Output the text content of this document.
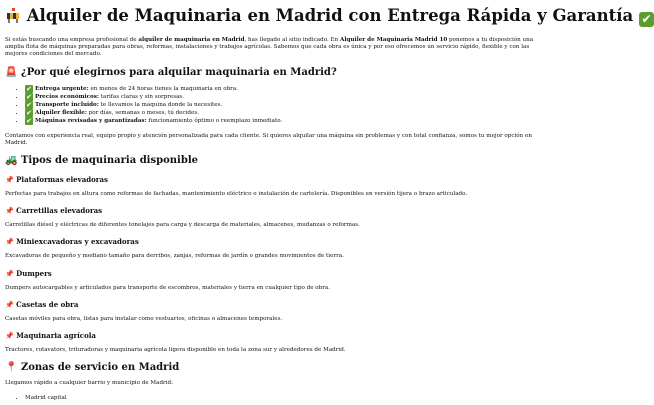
Alquiler de Maquinaria en Madrid con Entrega Rápida y Garantía ✔

Si estás buscando una empresa profesional de alquiler de maquinaria en Madrid, has llegado al sitio indicado. En Alquiler de Maquinaria Madrid 10 ponemos a tu disposición una amplia flota de máquinas preparadas para obras, reformas, instalaciones y trabajos agrícolas. Sabemos que cada obra es única y por eso ofrecemos un servicio rápido, flexible y con las mejores condiciones del mercado.

🚨 ¿Por qué elegirnos para alquilar maquinaria en Madrid?
• ✔ Entrega urgente: en menos de 24 horas tienes la maquinaria en obra.
• ✔ Precios económicos: tarifas claras y sin sorpresas.
• ✔ Transporte incluido: te llevamos la máquina donde la necesites.
• ✔ Alquiler flexible: por días, semanas o meses, tú decides.
• ✔ Máquinas revisadas y garantizadas: funcionamiento óptimo o reemplazo inmediato.

Contamos con experiencia real, equipo propio y atención personalizada para cada cliente. Si quieres alquilar una máquina sin problemas y con total confianza, somos tu mejor opción en Madrid.

🚜 Tipos de maquinaria disponible
📌 Plataformas elevadoras

Perfectas para trabajos en altura como reformas de fachadas, mantenimiento eléctrico o instalación de cartelería. Disponibles en versión tijera o brazo articulado.

📌 Carretillas elevadoras

Carretillas diésel y eléctricas de diferentes tonelajes para carga y descarga de materiales, almacenes, mudanzas o reformas.

📌 Miniexcavadoras y excavadoras

Excavadoras de pequeño y mediano tamaño para derribos, zanjas, reformas de jardín o grandes movimientos de tierra.

📌 Dumpers

Dumpers autocargables y articulados para transporte de escombros, materiales y tierra en cualquier tipo de obra.

📌 Casetas de obra

Casetas móviles para obra, listas para instalar como vestuarios, oficinas o almacenes temporales.

📌 Maquinaria agrícola

Tractores, rotavators, trituradoras y maquinaria agrícola ligera disponible en toda la zona sur y alrededores de Madrid.

📍 Zonas de servicio en Madrid

Llegamos rápido a cualquier barrio y municipio de Madrid:

• Madrid capital
